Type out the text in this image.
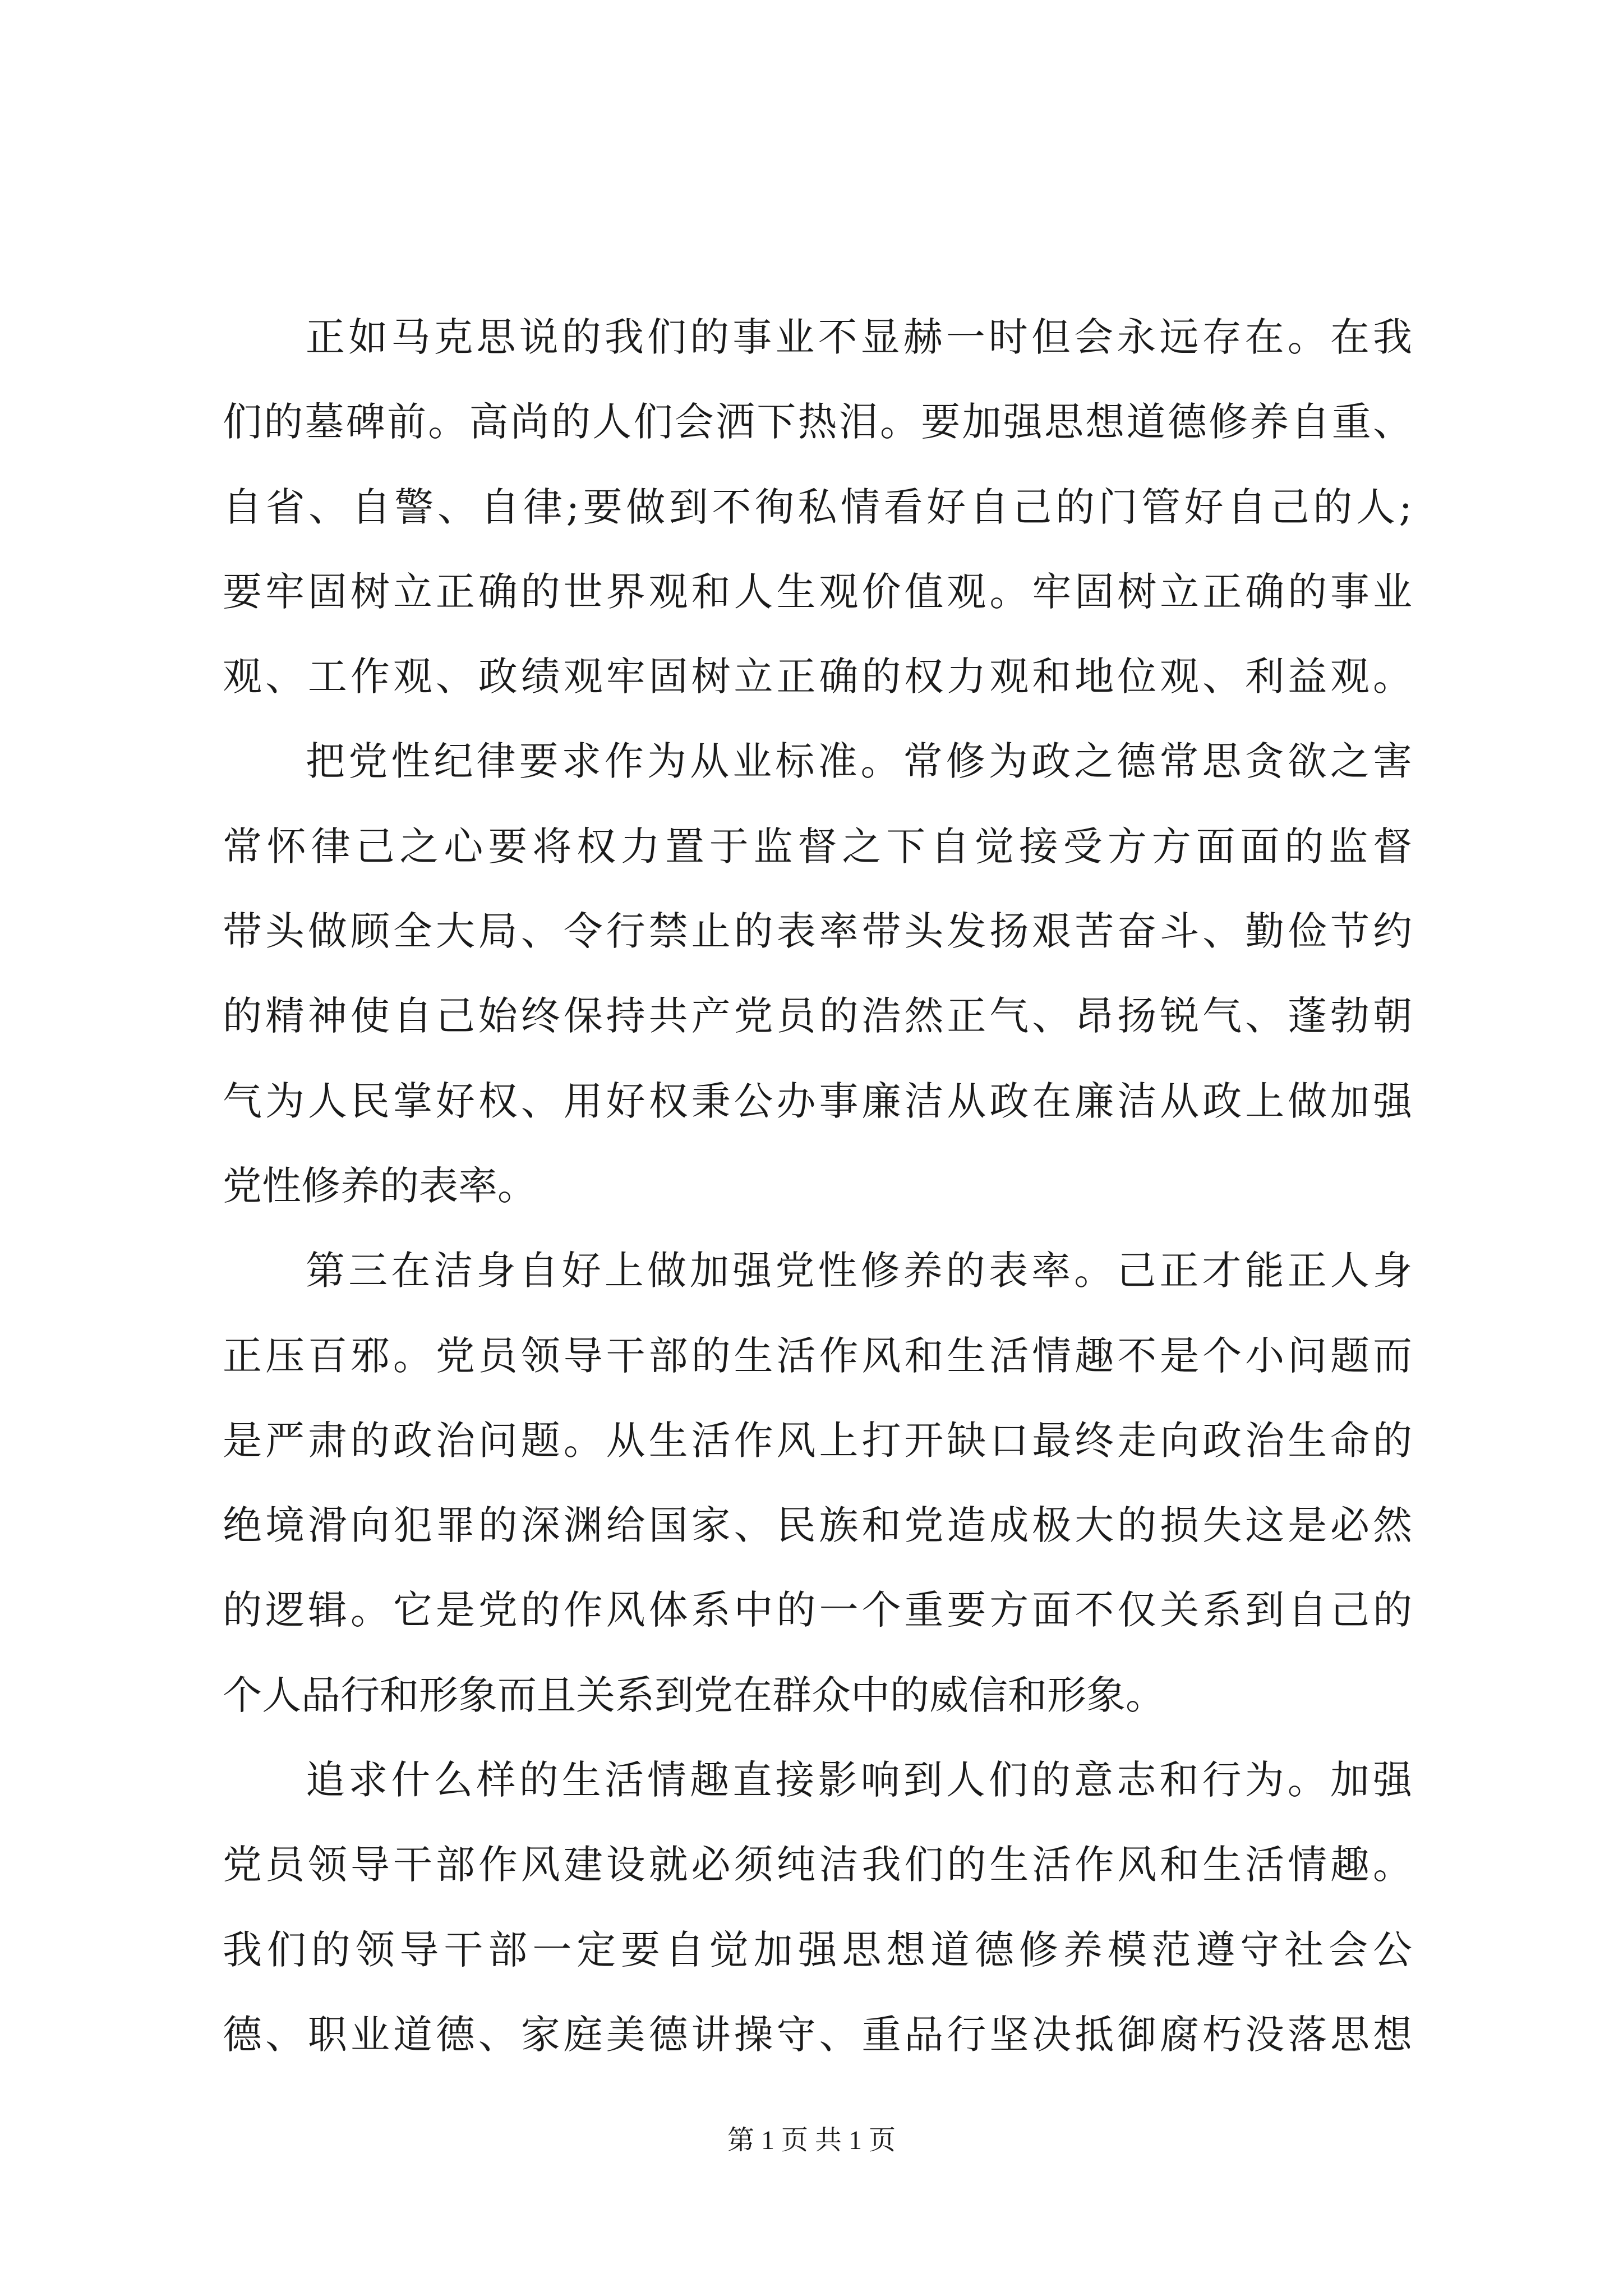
正如马克思说的我们的事业不显赫一时但会永远存在。在我
们的墓碑前。高尚的人们会洒下热泪。要加强思想道德修养自重、
自省、自警、自律;要做到不徇私情看好自己的门管好自己的人;
要牢固树立正确的世界观和人生观价值观。牢固树立正确的事业
观、工作观、政绩观牢固树立正确的权力观和地位观、利益观。
把党性纪律要求作为从业标准。常修为政之德常思贪欲之害
常怀律己之心要将权力置于监督之下自觉接受方方面面的监督
带头做顾全大局、令行禁止的表率带头发扬艰苦奋斗、勤俭节约
的精神使自己始终保持共产党员的浩然正气、昂扬锐气、蓬勃朝
气为人民掌好权、用好权秉公办事廉洁从政在廉洁从政上做加强
党性修养的表率。
第三在洁身自好上做加强党性修养的表率。己正才能正人身
正压百邪。党员领导干部的生活作风和生活情趣不是个小问题而
是严肃的政治问题。从生活作风上打开缺口最终走向政治生命的
绝境滑向犯罪的深渊给国家、民族和党造成极大的损失这是必然
的逻辑。它是党的作风体系中的一个重要方面不仅关系到自己的
个人品行和形象而且关系到党在群众中的威信和形象。
追求什么样的生活情趣直接影响到人们的意志和行为。加强
党员领导干部作风建设就必须纯洁我们的生活作风和生活情趣。
我们的领导干部一定要自觉加强思想道德修养模范遵守社会公
德、职业道德、家庭美德讲操守、重品行坚决抵御腐朽没落思想
第 1 页 共 1 页
